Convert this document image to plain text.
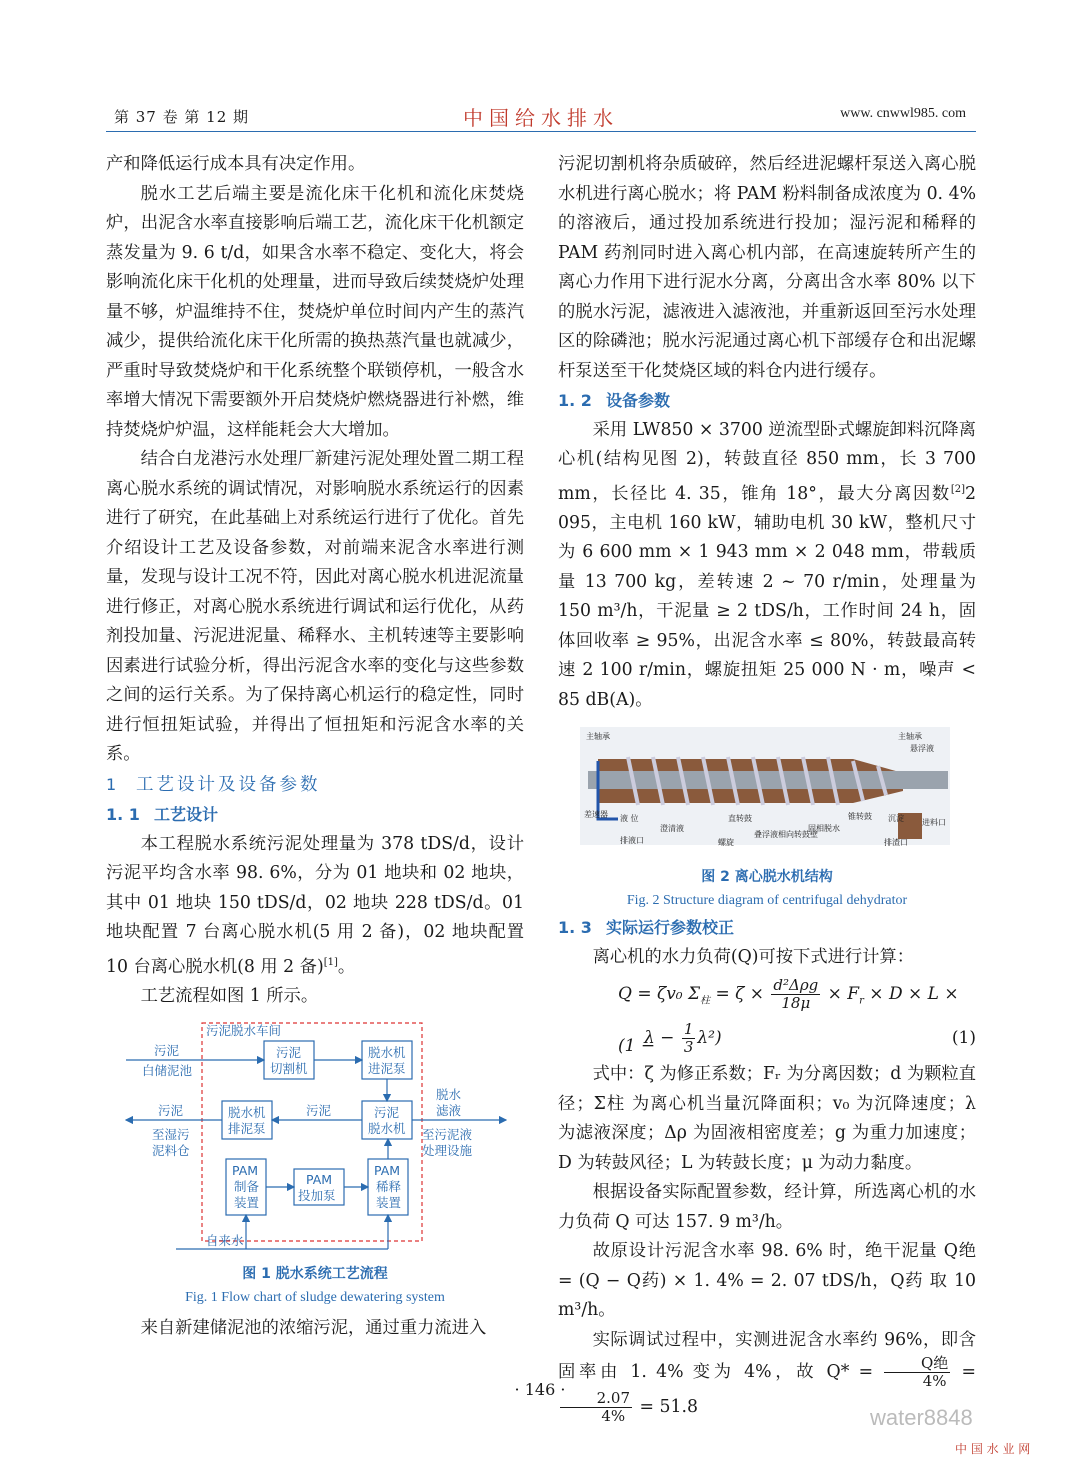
第 37 卷 第 12 期	中国给水排水	www. cnwwl985. com

产和降低运行成本具有决定作用。

脱水工艺后端主要是流化床干化机和流化床焚烧炉，出泥含水率直接影响后端工艺，流化床干化机额定蒸发量为 9. 6 t/d，如果含水率不稳定、变化大，将会影响流化床干化机的处理量，进而导致后续焚烧炉处理量不够，炉温维持不住，焚烧炉单位时间内产生的蒸汽减少，提供给流化床干化所需的换热蒸汽量也就减少，严重时导致焚烧炉和干化系统整个联锁停机，一般含水率增大情况下需要额外开启焚烧炉燃烧器进行补燃，维持焚烧炉炉温，这样能耗会大大增加。

结合白龙港污水处理厂新建污泥处理处置二期工程离心脱水系统的调试情况，对影响脱水系统运行的因素进行了研究，在此基础上对系统运行进行了优化。首先介绍设计工艺及设备参数，对前端来泥含水率进行测量，发现与设计工况不符，因此对离心脱水机进泥流量进行修正，对离心脱水系统进行调试和运行优化，从药剂投加量、污泥进泥量、稀释水、主机转速等主要影响因素进行试验分析，得出污泥含水率的变化与这些参数之间的运行关系。为了保持离心机运行的稳定性，同时进行恒扭矩试验，并得出了恒扭矩和污泥含水率的关系。

1 工艺设计及设备参数
1. 1 工艺设计

本工程脱水系统污泥处理量为 378 tDS/d，设计污泥平均含水率 98. 6%，分为 01 地块和 02 地块，其中 01 地块 150 tDS/d，02 地块 228 tDS/d。01 地块配置 7 台离心脱水机(5 用 2 备)，02 地块配置 10 台离心脱水机(8 用 2 备)[1]。

工艺流程如图 1 所示。

污泥脱水车间
污泥
白储泥池
污泥
切割机
脱水机
进泥泵
污泥
至湿污
泥料仓
脱水机
排泥泵
污泥	污泥
脱水机
脱水
滤液
至污泥液
处理设施
PAM
制备
装置
PAM
投加泵
PAM
稀释
装置
自来水
图 1 脱水系统工艺流程
Fig. 1 Flow chart of sludge dewatering system

来自新建储泥池的浓缩污泥，通过重力流进入

污泥切割机将杂质破碎，然后经进泥螺杆泵送入离心脱水机进行离心脱水；将 PAM 粉料制备成浓度为 0. 4% 的溶液后，通过投加系统进行投加；湿污泥和稀释的 PAM 药剂同时进入离心机内部，在高速旋转所产生的离心力作用下进行泥水分离，分离出含水率 80% 以下的脱水污泥，滤液进入滤液池，并重新返回至污水处理区的除磷池；脱水污泥通过离心机下部缓存仓和出泥螺杆泵送至干化焚烧区域的料仓内进行缓存。

1. 2 设备参数

采用 LW850 × 3700 逆流型卧式螺旋卸料沉降离心机(结构见图 2)，转鼓直径 850 mm，长 3 700 mm，长径比 4. 35，锥角 18°，最大分离因数[2]2 095，主电机 160 kW，辅助电机 30 kW，整机尺寸为 6 600 mm × 1 943 mm × 2 048 mm，带载质量 13 700 kg，差转速 2 ~ 70 r/min，处理量为 150 m³/h，干泥量 ≥ 2 tDS/h，工作时间 24 h，固体回收率 ≥ 95%，出泥含水率 ≤ 80%，转鼓最高转速 2 100 r/min，螺旋扭矩 25 000 N · m，噪声 < 85 dB(A)。

主轴承	主轴承
悬浮液
差速器	直转鼓	锥转鼓
进料口
液 位
澄清液
螺旋
固相脱水
叠浮液相向转鼓壁
沉淀
排液口	排渣口
图 2 离心脱水机结构
Fig. 2 Structure diagram of centrifugal dehydrator
1. 3 实际运行参数校正

离心机的水力负荷(Q)可按下式进行计算：

Q = ζv₀ $\Sigma_柱 = \zeta \times \frac{\text{d²Δρg}}{18\mu} \times F_r \times D \times L \times (1$ −
$\lambda - \frac{1}{3} \lambda^2$)	(1)

式中：ζ 为修正系数；Fᵣ 为分离因数；d 为颗粒直径；Σ柱 为离心机当量沉降面积；v₀ 为沉降速度；λ 为滤液深度；Δρ 为固液相密度差；g 为重力加速度；D 为转鼓风径；L 为转鼓长度；μ 为动力黏度。

根据设备实际配置参数，经计算，所选离心机的水力负荷 Q 可达 157. 9 m³/h。

故原设计污泥含水率 98. 6% 时，绝干泥量 Q绝 = (Q − Q药) × 1. 4% = 2. 07 tDS/h，Q药 取 10 m³/h。

实际调试过程中，实测进泥含水率约 96%，即含固率由 1. 4% 变为 4%，故 $Q* = \frac{\text{Q绝}}{4\%}$ =
$\frac{2.07}{4\%} = 51.8$

· 146 ·
water8848
中 国 水 业 网
